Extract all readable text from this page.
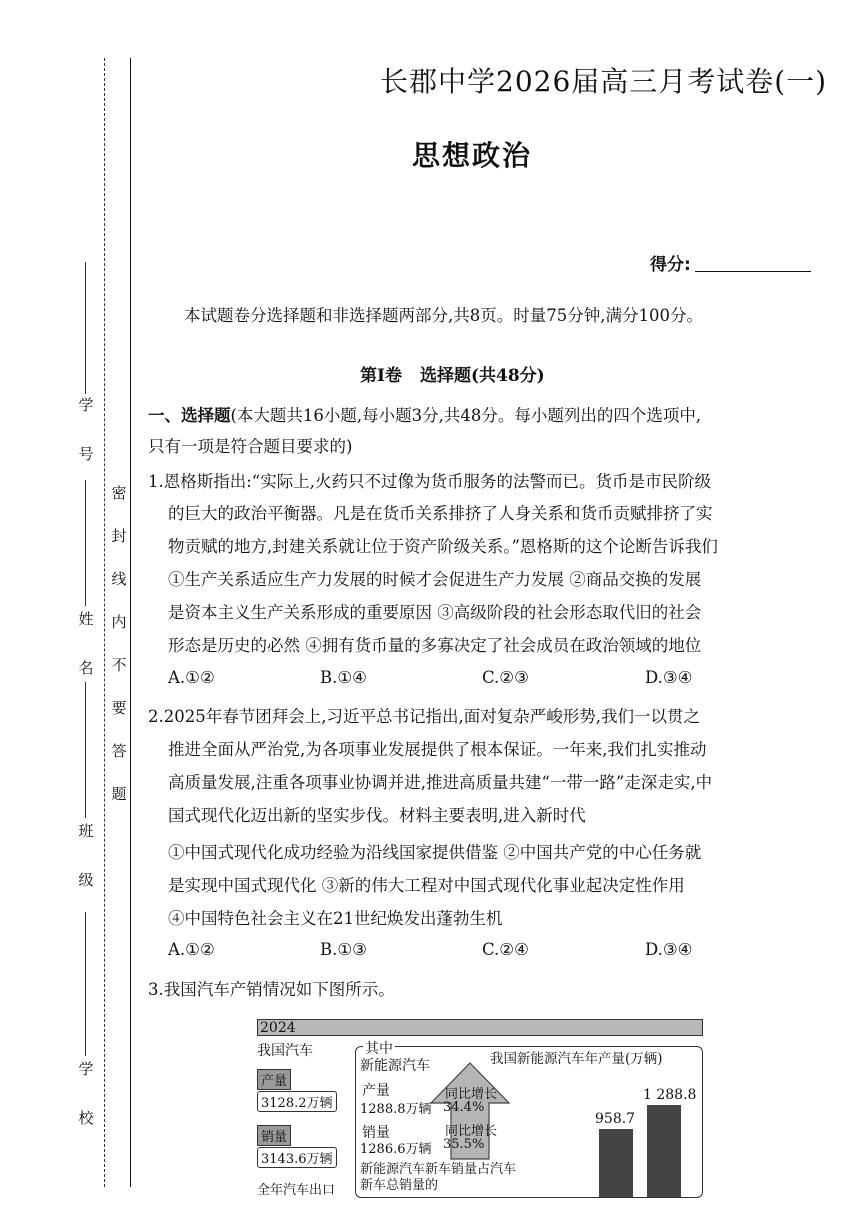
学
号
姓
名
班
级
学
校
密
封
线
内
不
要
答
题
长郡中学2026届高三月考试卷(一)
思想政治
得分:
本试题卷分选择题和非选择题两部分,共8页。时量75分钟,满分100分。
第Ⅰ卷 选择题(共48分)
一、选择题(本大题共16小题,每小题3分,共48分。每小题列出的四个选项中,
只有一项是符合题目要求的)
1.恩格斯指出:“实际上,火药只不过像为货币服务的法警而已。货币是市民阶级
的巨大的政治平衡器。凡是在货币关系排挤了人身关系和货币贡赋排挤了实
物贡赋的地方,封建关系就让位于资产阶级关系。”恩格斯的这个论断告诉我们
①生产关系适应生产力发展的时候才会促进生产力发展 ②商品交换的发展
是资本主义生产关系形成的重要原因 ③高级阶段的社会形态取代旧的社会
形态是历史的必然 ④拥有货币量的多寡决定了社会成员在政治领域的地位
A.①②	B.①④	C.②③	D.③④
2.2025年春节团拜会上,习近平总书记指出,面对复杂严峻形势,我们一以贯之
推进全面从严治党,为各项事业发展提供了根本保证。一年来,我们扎实推动
高质量发展,注重各项事业协调并进,推进高质量共建“一带一路”走深走实,中
国式现代化迈出新的坚实步伐。材料主要表明,进入新时代
①中国式现代化成功经验为沿线国家提供借鉴 ②中国共产党的中心任务就
是实现中国式现代化 ③新的伟大工程对中国式现代化事业起决定性作用
④中国特色社会主义在21世纪焕发出蓬勃生机
A.①②	B.①③	C.②④	D.③④
3.我国汽车产销情况如下图所示。
2024
我国汽车
产量
3128.2万辆
销量
3143.6万辆
全年汽车出口
其中
新能源汽车
产量
1288.8万辆
同比增长
34.4%
销量
1286.6万辆
同比增长
35.5%
新能源汽车新车销量占汽车
新车总销量的
我国新能源汽车年产量(万辆)
958.7
1 288.8
